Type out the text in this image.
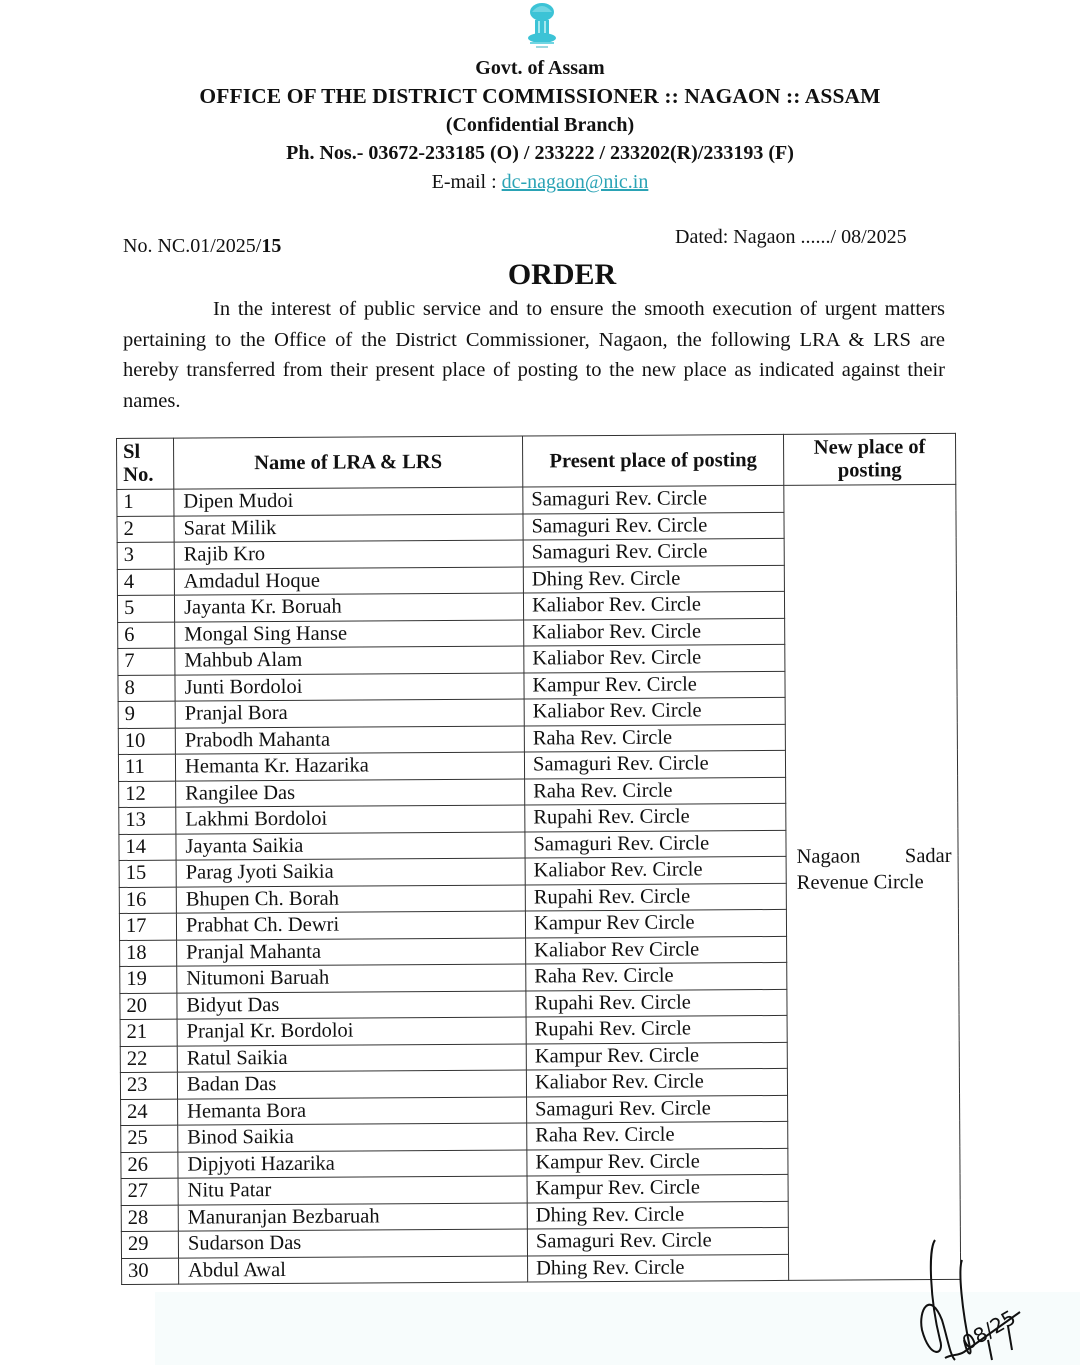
Govt. of Assam
OFFICE OF THE DISTRICT COMMISSIONER :: NAGAON :: ASSAM
(Confidential Branch)
Ph. Nos.- 03672-233185 (O) / 233222 / 233202(R)/233193 (F)
E-mail : dc-nagaon@nic.in
No. NC.01/2025/15	Dated: Nagaon ....../ 08/2025
ORDER
In the interest of public service and to ensure the smooth execution of urgent matters pertaining to the Office of the District Commissioner, Nagaon, the following LRA & LRS are hereby transferred from their present place of posting to the new place as indicated against their names.
Sl No.	Name of LRA & LRS	Present place of posting	New place of posting
1	Dipen Mudoi	Samaguri Rev. Circle	Nagaon Sadar
Revenue Circle

2	Sarat Milik	Samaguri Rev. Circle	
3	Rajib Kro	Samaguri Rev. Circle	
4	Amdadul Hoque	Dhing Rev. Circle	
5	Jayanta Kr. Boruah	Kaliabor Rev. Circle	
6	Mongal Sing Hanse	Kaliabor Rev. Circle	
7	Mahbub Alam	Kaliabor Rev. Circle	
8	Junti Bordoloi	Kampur Rev. Circle	
9	Pranjal Bora	Kaliabor Rev. Circle	
10	Prabodh Mahanta	Raha Rev. Circle	
11	Hemanta Kr. Hazarika	Samaguri Rev. Circle	
12	Rangilee Das	Raha Rev. Circle	
13	Lakhmi Bordoloi	Rupahi Rev. Circle	
14	Jayanta Saikia	Samaguri Rev. Circle	
15	Parag Jyoti Saikia	Kaliabor Rev. Circle	
16	Bhupen Ch. Borah	Rupahi Rev. Circle	
17	Prabhat Ch. Dewri	Kampur Rev Circle	
18	Pranjal Mahanta	Kaliabor Rev Circle	
19	Nitumoni Baruah	Raha Rev. Circle	
20	Bidyut Das	Rupahi Rev. Circle	
21	Pranjal Kr. Bordoloi	Rupahi Rev. Circle	
22	Ratul Saikia	Kampur Rev. Circle	
23	Badan Das	Kaliabor Rev. Circle	
24	Hemanta Bora	Samaguri Rev. Circle	
25	Binod Saikia	Raha Rev. Circle	
26	Dipjyoti Hazarika	Kampur Rev. Circle	
27	Nitu Patar	Kampur Rev. Circle	
28	Manuranjan Bezbaruah	Dhing Rev. Circle	
29	Sudarson Das	Samaguri Rev. Circle	
30	Abdul Awal	Dhing Rev. Circle	
08/25
